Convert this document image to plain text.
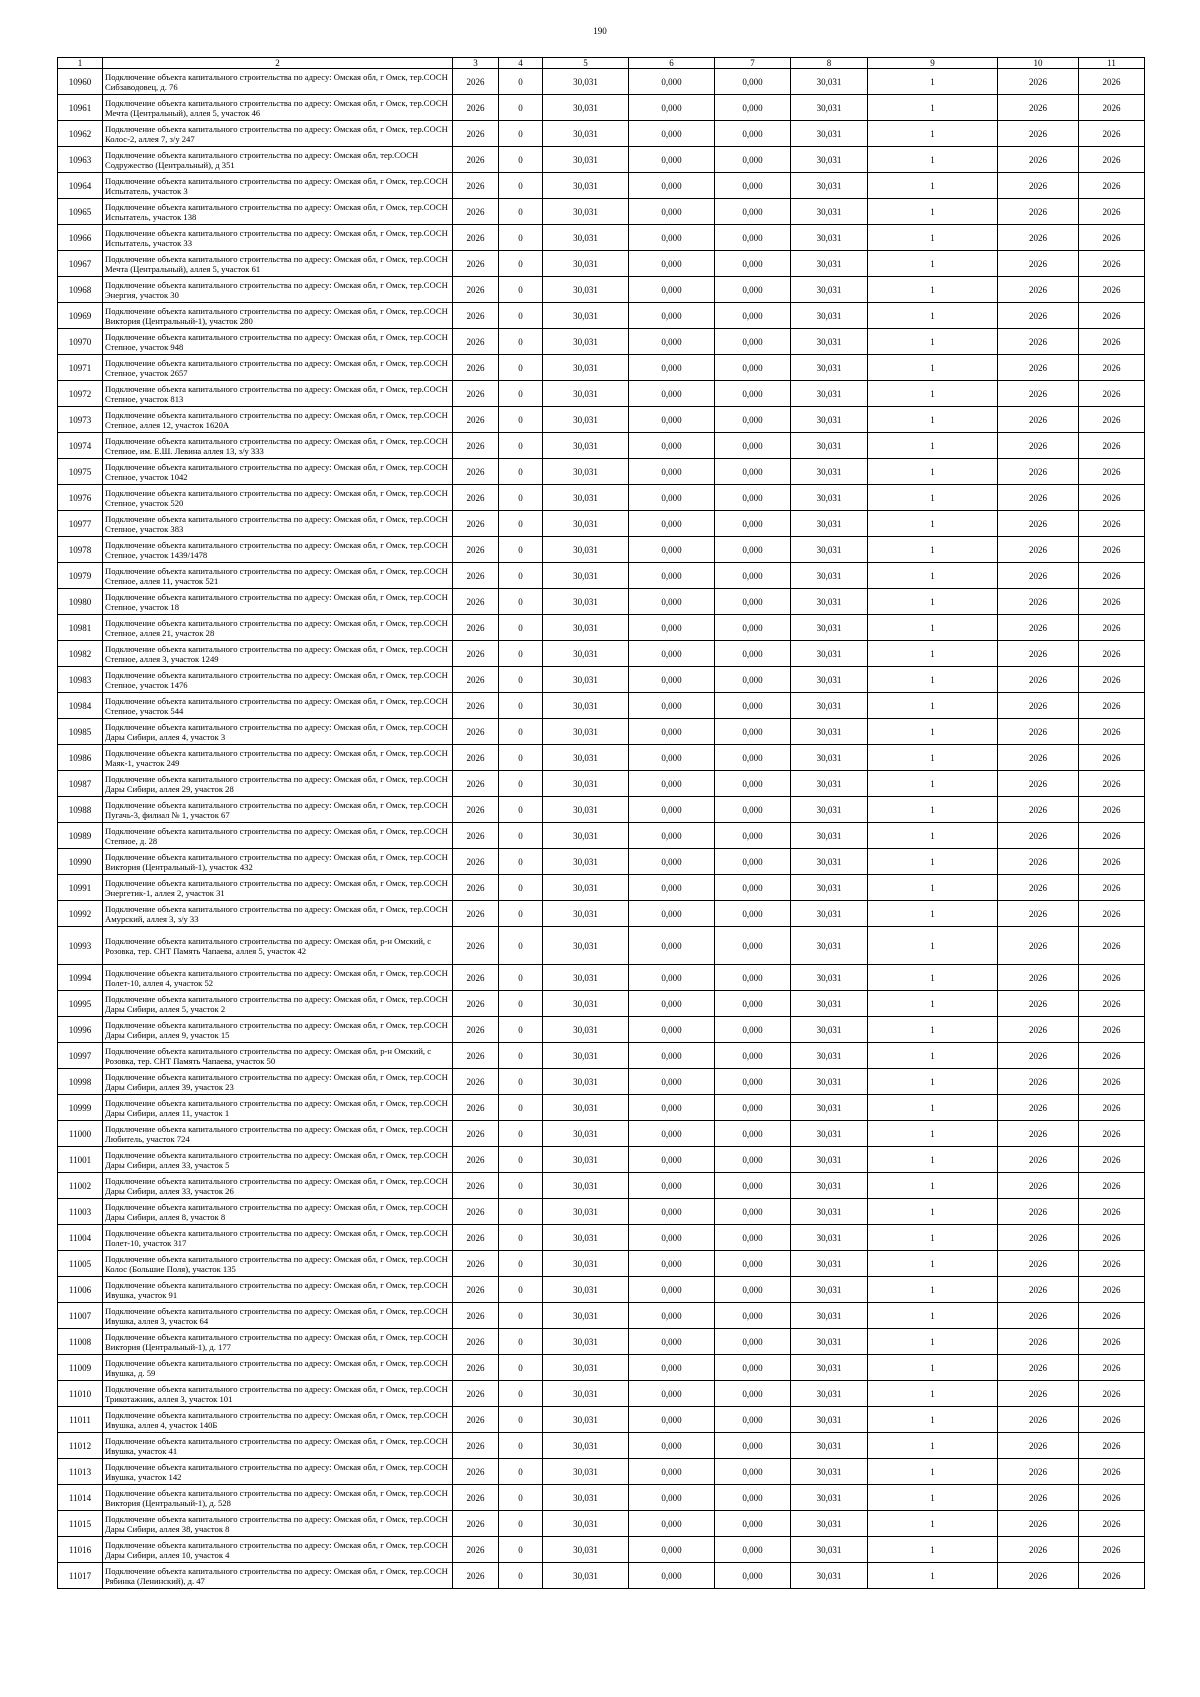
190
1	2	3	4	5	6	7	8	9	10	11
10960	Подключение объекта капитального строительства по адресу: Омская обл, г Омск, тер.СОСН Сибзаводовец, д. 76	2026	0	30,031	0,000	0,000	30,031	1	2026	2026
10961	Подключение объекта капитального строительства по адресу: Омская обл, г Омск, тер.СОСН Мечта (Центральный), аллея 5, участок 46	2026	0	30,031	0,000	0,000	30,031	1	2026	2026
10962	Подключение объекта капитального строительства по адресу: Омская обл, г Омск, тер.СОСН Колос-2, аллея 7, з/у 247	2026	0	30,031	0,000	0,000	30,031	1	2026	2026
10963	Подключение объекта капитального строительства по адресу: Омская обл, тер.СОСН Содружество (Центральный), д 351	2026	0	30,031	0,000	0,000	30,031	1	2026	2026
10964	Подключение объекта капитального строительства по адресу: Омская обл, г Омск, тер.СОСН Испытатель, участок 3	2026	0	30,031	0,000	0,000	30,031	1	2026	2026
10965	Подключение объекта капитального строительства по адресу: Омская обл, г Омск, тер.СОСН Испытатель, участок 138	2026	0	30,031	0,000	0,000	30,031	1	2026	2026
10966	Подключение объекта капитального строительства по адресу: Омская обл, г Омск, тер.СОСН Испытатель, участок 33	2026	0	30,031	0,000	0,000	30,031	1	2026	2026
10967	Подключение объекта капитального строительства по адресу: Омская обл, г Омск, тер.СОСН Мечта (Центральный), аллея 5, участок 61	2026	0	30,031	0,000	0,000	30,031	1	2026	2026
10968	Подключение объекта капитального строительства по адресу: Омская обл, г Омск, тер.СОСН Энергия, участок 30	2026	0	30,031	0,000	0,000	30,031	1	2026	2026
10969	Подключение объекта капитального строительства по адресу: Омская обл, г Омск, тер.СОСН Виктория (Центральный-1), участок 280	2026	0	30,031	0,000	0,000	30,031	1	2026	2026
10970	Подключение объекта капитального строительства по адресу: Омская обл, г Омск, тер.СОСН Степное, участок 948	2026	0	30,031	0,000	0,000	30,031	1	2026	2026
10971	Подключение объекта капитального строительства по адресу: Омская обл, г Омск, тер.СОСН Степное, участок 2657	2026	0	30,031	0,000	0,000	30,031	1	2026	2026
10972	Подключение объекта капитального строительства по адресу: Омская обл, г Омск, тер.СОСН Степное, участок 813	2026	0	30,031	0,000	0,000	30,031	1	2026	2026
10973	Подключение объекта капитального строительства по адресу: Омская обл, г Омск, тер.СОСН Степное, аллея 12, участок 1620А	2026	0	30,031	0,000	0,000	30,031	1	2026	2026
10974	Подключение объекта капитального строительства по адресу: Омская обл, г Омск, тер.СОСН Степное, им. Е.Ш. Левина аллея 13, з/у 333	2026	0	30,031	0,000	0,000	30,031	1	2026	2026
10975	Подключение объекта капитального строительства по адресу: Омская обл, г Омск, тер.СОСН Степное, участок 1042	2026	0	30,031	0,000	0,000	30,031	1	2026	2026
10976	Подключение объекта капитального строительства по адресу: Омская обл, г Омск, тер.СОСН Степное, участок 520	2026	0	30,031	0,000	0,000	30,031	1	2026	2026
10977	Подключение объекта капитального строительства по адресу: Омская обл, г Омск, тер.СОСН Степное, участок 383	2026	0	30,031	0,000	0,000	30,031	1	2026	2026
10978	Подключение объекта капитального строительства по адресу: Омская обл, г Омск, тер.СОСН Степное, участок 1439/1478	2026	0	30,031	0,000	0,000	30,031	1	2026	2026
10979	Подключение объекта капитального строительства по адресу: Омская обл, г Омск, тер.СОСН Степное, аллея 11, участок 521	2026	0	30,031	0,000	0,000	30,031	1	2026	2026
10980	Подключение объекта капитального строительства по адресу: Омская обл, г Омск, тер.СОСН Степное, участок 18	2026	0	30,031	0,000	0,000	30,031	1	2026	2026
10981	Подключение объекта капитального строительства по адресу: Омская обл, г Омск, тер.СОСН Степное, аллея 21, участок 28	2026	0	30,031	0,000	0,000	30,031	1	2026	2026
10982	Подключение объекта капитального строительства по адресу: Омская обл, г Омск, тер.СОСН Степное, аллея 3, участок 1249	2026	0	30,031	0,000	0,000	30,031	1	2026	2026
10983	Подключение объекта капитального строительства по адресу: Омская обл, г Омск, тер.СОСН Степное, участок 1476	2026	0	30,031	0,000	0,000	30,031	1	2026	2026
10984	Подключение объекта капитального строительства по адресу: Омская обл, г Омск, тер.СОСН Степное, участок 544	2026	0	30,031	0,000	0,000	30,031	1	2026	2026
10985	Подключение объекта капитального строительства по адресу: Омская обл, г Омск, тер.СОСН Дары Сибири, аллея 4, участок 3	2026	0	30,031	0,000	0,000	30,031	1	2026	2026
10986	Подключение объекта капитального строительства по адресу: Омская обл, г Омск, тер.СОСН Маяк-1, участок 249	2026	0	30,031	0,000	0,000	30,031	1	2026	2026
10987	Подключение объекта капитального строительства по адресу: Омская обл, г Омск, тер.СОСН Дары Сибири, аллея 29, участок 28	2026	0	30,031	0,000	0,000	30,031	1	2026	2026
10988	Подключение объекта капитального строительства по адресу: Омская обл, г Омск, тер.СОСН Пугачь-3, филиал № 1, участок 67	2026	0	30,031	0,000	0,000	30,031	1	2026	2026
10989	Подключение объекта капитального строительства по адресу: Омская обл, г Омск, тер.СОСН Степное, д. 28	2026	0	30,031	0,000	0,000	30,031	1	2026	2026
10990	Подключение объекта капитального строительства по адресу: Омская обл, г Омск, тер.СОСН Виктория (Центральный-1), участок 432	2026	0	30,031	0,000	0,000	30,031	1	2026	2026
10991	Подключение объекта капитального строительства по адресу: Омская обл, г Омск, тер.СОСН Энергетик-1, аллея 2, участок 31	2026	0	30,031	0,000	0,000	30,031	1	2026	2026
10992	Подключение объекта капитального строительства по адресу: Омская обл, г Омск, тер.СОСН Амурский, аллея 3, з/у 33	2026	0	30,031	0,000	0,000	30,031	1	2026	2026
10993	Подключение объекта капитального строительства по адресу: Омская обл, р-н Омский, с Розовка, тер. СНТ Память Чапаева, аллея 5, участок 42	2026	0	30,031	0,000	0,000	30,031	1	2026	2026
10994	Подключение объекта капитального строительства по адресу: Омская обл, г Омск, тер.СОСН Полет-10, аллея 4, участок 52	2026	0	30,031	0,000	0,000	30,031	1	2026	2026
10995	Подключение объекта капитального строительства по адресу: Омская обл, г Омск, тер.СОСН Дары Сибири, аллея 5, участок 2	2026	0	30,031	0,000	0,000	30,031	1	2026	2026
10996	Подключение объекта капитального строительства по адресу: Омская обл, г Омск, тер.СОСН Дары Сибири, аллея 9, участок 15	2026	0	30,031	0,000	0,000	30,031	1	2026	2026
10997	Подключение объекта капитального строительства по адресу: Омская обл, р-н Омский, с Розовка, тер. СНТ Память Чапаева, участок 50	2026	0	30,031	0,000	0,000	30,031	1	2026	2026
10998	Подключение объекта капитального строительства по адресу: Омская обл, г Омск, тер.СОСН Дары Сибири, аллея 39, участок 23	2026	0	30,031	0,000	0,000	30,031	1	2026	2026
10999	Подключение объекта капитального строительства по адресу: Омская обл, г Омск, тер.СОСН Дары Сибири, аллея 11, участок 1	2026	0	30,031	0,000	0,000	30,031	1	2026	2026
11000	Подключение объекта капитального строительства по адресу: Омская обл, г Омск, тер.СОСН Любитель, участок 724	2026	0	30,031	0,000	0,000	30,031	1	2026	2026
11001	Подключение объекта капитального строительства по адресу: Омская обл, г Омск, тер.СОСН Дары Сибири, аллея 33, участок 5	2026	0	30,031	0,000	0,000	30,031	1	2026	2026
11002	Подключение объекта капитального строительства по адресу: Омская обл, г Омск, тер.СОСН Дары Сибири, аллея 33, участок 26	2026	0	30,031	0,000	0,000	30,031	1	2026	2026
11003	Подключение объекта капитального строительства по адресу: Омская обл, г Омск, тер.СОСН Дары Сибири, аллея 8, участок 8	2026	0	30,031	0,000	0,000	30,031	1	2026	2026
11004	Подключение объекта капитального строительства по адресу: Омская обл, г Омск, тер.СОСН Полет-10, участок 317	2026	0	30,031	0,000	0,000	30,031	1	2026	2026
11005	Подключение объекта капитального строительства по адресу: Омская обл, г Омск, тер.СОСН Колос (Большие Поля), участок 135	2026	0	30,031	0,000	0,000	30,031	1	2026	2026
11006	Подключение объекта капитального строительства по адресу: Омская обл, г Омск, тер.СОСН Ивушка, участок 91	2026	0	30,031	0,000	0,000	30,031	1	2026	2026
11007	Подключение объекта капитального строительства по адресу: Омская обл, г Омск, тер.СОСН Ивушка, аллея 3, участок 64	2026	0	30,031	0,000	0,000	30,031	1	2026	2026
11008	Подключение объекта капитального строительства по адресу: Омская обл, г Омск, тер.СОСН Виктория (Центральный-1), д. 177	2026	0	30,031	0,000	0,000	30,031	1	2026	2026
11009	Подключение объекта капитального строительства по адресу: Омская обл, г Омск, тер.СОСН Ивушка, д. 59	2026	0	30,031	0,000	0,000	30,031	1	2026	2026
11010	Подключение объекта капитального строительства по адресу: Омская обл, г Омск, тер.СОСН Трикотажник, аллея 3, участок 101	2026	0	30,031	0,000	0,000	30,031	1	2026	2026
11011	Подключение объекта капитального строительства по адресу: Омская обл, г Омск, тер.СОСН Ивушка, аллея 4, участок 140Б	2026	0	30,031	0,000	0,000	30,031	1	2026	2026
11012	Подключение объекта капитального строительства по адресу: Омская обл, г Омск, тер.СОСН Ивушка, участок 41	2026	0	30,031	0,000	0,000	30,031	1	2026	2026
11013	Подключение объекта капитального строительства по адресу: Омская обл, г Омск, тер.СОСН Ивушка, участок 142	2026	0	30,031	0,000	0,000	30,031	1	2026	2026
11014	Подключение объекта капитального строительства по адресу: Омская обл, г Омск, тер.СОСН Виктория (Центральный-1), д. 528	2026	0	30,031	0,000	0,000	30,031	1	2026	2026
11015	Подключение объекта капитального строительства по адресу: Омская обл, г Омск, тер.СОСН Дары Сибири, аллея 38, участок 8	2026	0	30,031	0,000	0,000	30,031	1	2026	2026
11016	Подключение объекта капитального строительства по адресу: Омская обл, г Омск, тер.СОСН Дары Сибири, аллея 10, участок 4	2026	0	30,031	0,000	0,000	30,031	1	2026	2026
11017	Подключение объекта капитального строительства по адресу: Омская обл, г Омск, тер.СОСН Рябинка (Ленинский), д. 47	2026	0	30,031	0,000	0,000	30,031	1	2026	2026
